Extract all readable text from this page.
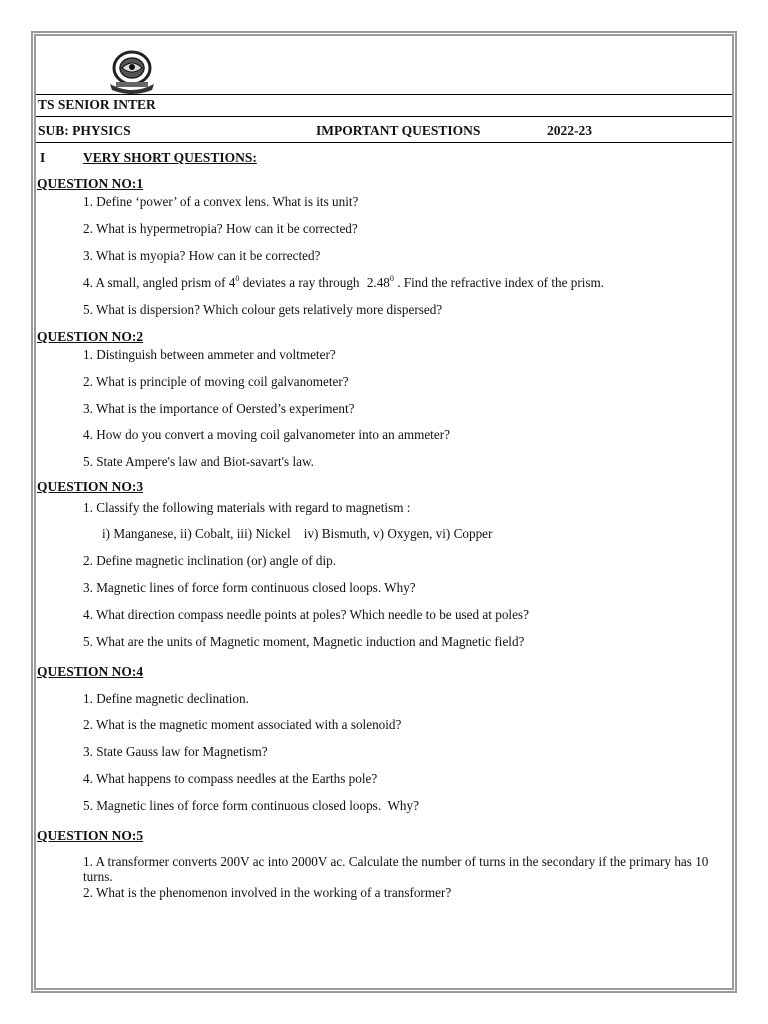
TS SENIOR INTER
SUB: PHYSICS	IMPORTANT QUESTIONS	2022-23
I	VERY SHORT QUESTIONS:
QUESTION NO:1
1. Define ‘power’ of a convex lens. What is its unit?
2. What is hypermetropia? How can it be corrected?
3. What is myopia? How can it be corrected?
4. A small, angled prism of $4^0$ deviates a ray through 2.48$^0$ . Find the refractive index of the prism.
5. What is dispersion? Which colour gets relatively more dispersed?
QUESTION NO:2
1. Distinguish between ammeter and voltmeter?
2. What is principle of moving coil galvanometer?
3. What is the importance of Oersted’s experiment?
4. How do you convert a moving coil galvanometer into an ammeter?
5. State Ampere's law and Biot-savart's law.
QUESTION NO:3
1. Classify the following materials with regard to magnetism :
i) Manganese, ii) Cobalt, iii) Nickel    iv) Bismuth, v) Oxygen, vi) Copper
2. Define magnetic inclination (or) angle of dip.
3. Magnetic lines of force form continuous closed loops. Why?
4. What direction compass needle points at poles? Which needle to be used at poles?
5. What are the units of Magnetic moment, Magnetic induction and Magnetic field?
QUESTION NO:4
1. Define magnetic declination.
2. What is the magnetic moment associated with a solenoid?
3. State Gauss law for Magnetism?
4. What happens to compass needles at the Earths pole?
5. Magnetic lines of force form continuous closed loops.  Why?
QUESTION NO:5
1. A transformer converts 200V ac into 2000V ac. Calculate the number of turns in the secondary if the primary has 10 turns.
2. What is the phenomenon involved in the working of a transformer?
